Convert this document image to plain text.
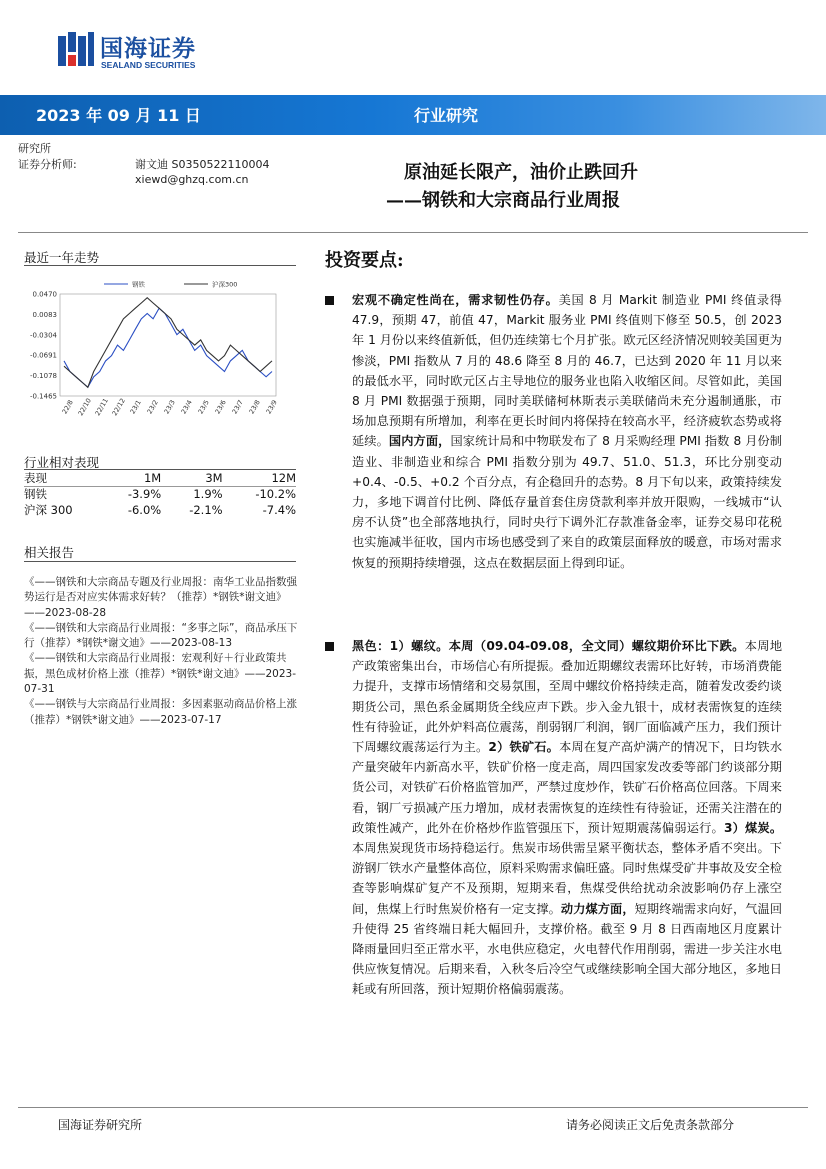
国海证券
SEALAND SECURITIES
2023 年 09 月 11 日	行业研究
研究所
证券分析师:	谢文迪 S0350522110004
xiewd@ghzq.com.cn	原油延长限产，油价止跌回升
——钢铁和大宗商品行业周报
最近一年走势
0.0470
0.0083
-0.0304
-0.0691
-0.1078
-0.1465
22/8 22/10 22/11 22/12 23/1 23/2 23/3 23/4 23/5 23/6 23/7 23/8 23/9
钢铁	沪深300
行业相对表现
表现	1M	3M	12M
钢铁	-3.9%	1.9%	-10.2%
沪深 300	-6.0%	-2.1%	-7.4%
相关报告

《——钢铁和大宗商品专题及行业周报：南华工业品指数强势运行是否对应实体需求好转？（推荐）*钢铁*谢文迪》——2023-08-28

《——钢铁和大宗商品行业周报：“多事之际”，商品承压下行（推荐）*钢铁*谢文迪》——2023-08-13

《——钢铁和大宗商品行业周报：宏观利好＋行业政策共振，黑色成材价格上涨（推荐）*钢铁*谢文迪》——2023-07-31

《——钢铁与大宗商品行业周报：多因素驱动商品价格上涨（推荐）*钢铁*谢文迪》——2023-07-17

投资要点:
宏观不确定性尚在，需求韧性仍存。美国 8 月 Markit 制造业 PMI 终值录得 47.9，预期 47，前值 47，Markit 服务业 PMI 终值则下修至 50.5，创 2023 年 1 月份以来终值新低，但仍连续第七个月扩张。欧元区经济情况则较美国更为惨淡，PMI 指数从 7 月的 48.6 降至 8 月的 46.7，已达到 2020 年 11 月以来的最低水平，同时欧元区占主导地位的服务业也陷入收缩区间。尽管如此，美国 8 月 PMI 数据强于预期，同时美联储柯林斯表示美联储尚未充分遏制通胀，市场加息预期有所增加，利率在更长时间内将保持在较高水平，经济疲软态势或将延续。国内方面，国家统计局和中物联发布了 8 月采购经理 PMI 指数 8 月份制造业、非制造业和综合 PMI 指数分别为 49.7、51.0、51.3，环比分别变动+0.4、-0.5、+0.2 个百分点，有企稳回升的态势。8 月下旬以来，政策持续发力，多地下调首付比例、降低存量首套住房贷款利率并放开限购，一线城市“认房不认贷”也全部落地执行，同时央行下调外汇存款准备金率，证券交易印花税也实施减半征收，国内市场也感受到了来自的政策层面释放的暖意，市场对需求恢复的预期持续增强，这点在数据层面上得到印证。
黑色：1）螺纹。本周（09.04-09.08，全文同）螺纹期价环比下跌。本周地产政策密集出台，市场信心有所提振。叠加近期螺纹表需环比好转，市场消费能力提升，支撑市场情绪和交易氛围，至周中螺纹价格持续走高，随着发改委约谈期货公司，黑色系金属期货全线应声下跌。步入金九银十，成材表需恢复的连续性有待验证，此外炉料高位震荡，削弱钢厂利润，钢厂面临减产压力，我们预计下周螺纹震荡运行为主。2）铁矿石。本周在复产高炉满产的情况下，日均铁水产量突破年内新高水平，铁矿价格一度走高，周四国家发改委等部门约谈部分期货公司，对铁矿石价格监管加严，严禁过度炒作，铁矿石价格高位回落。下周来看，钢厂亏损减产压力增加，成材表需恢复的连续性有待验证，还需关注潜在的政策性减产，此外在价格炒作监管强压下，预计短期震荡偏弱运行。3）煤炭。本周焦炭现货市场持稳运行。焦炭市场供需呈紧平衡状态，整体矛盾不突出。下游钢厂铁水产量整体高位，原料采购需求偏旺盛。同时焦煤受矿井事故及安全检查等影响煤矿复产不及预期，短期来看，焦煤受供给扰动余波影响仍存上涨空间，焦煤上行时焦炭价格有一定支撑。动力煤方面，短期终端需求向好，气温回升使得 25 省终端日耗大幅回升，支撑价格。截至 9 月 8 日西南地区月度累计降雨量回归至正常水平，水电供应稳定，火电替代作用削弱，需进一步关注水电供应恢复情况。后期来看，入秋冬后冷空气或继续影响全国大部分地区，多地日耗或有所回落，预计短期价格偏弱震荡。
国海证券研究所	请务必阅读正文后免责条款部分
